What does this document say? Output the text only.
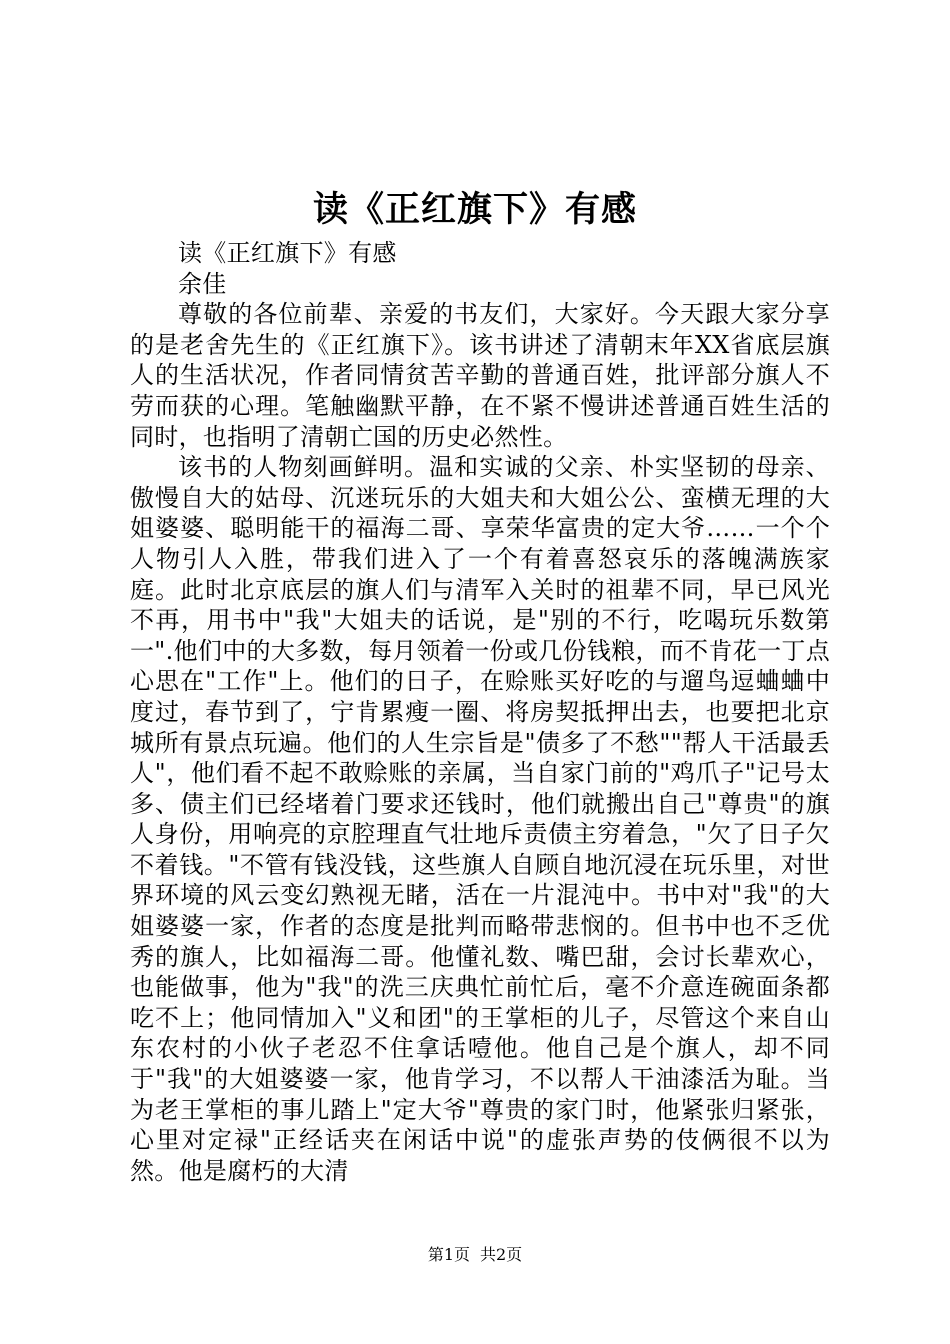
读《正红旗下》有感

读《正红旗下》有感

余佳

尊敬的各位前辈、亲爱的书友们，大家好。今天跟大家分享的是老舍先生的《正红旗下》。该书讲述了清朝末年XX省底层旗人的生活状况，作者同情贫苦辛勤的普通百姓，批评部分旗人不劳而获的心理。笔触幽默平静，在不紧不慢讲述普通百姓生活的同时，也指明了清朝亡国的历史必然性。

该书的人物刻画鲜明。温和实诚的父亲、朴实坚韧的母亲、傲慢自大的姑母、沉迷玩乐的大姐夫和大姐公公、蛮横无理的大姐婆婆、聪明能干的福海二哥、享荣华富贵的定大爷……一个个人物引人入胜，带我们进入了一个有着喜怒哀乐的落魄满族家庭。此时北京底层的旗人们与清军入关时的祖辈不同，早已风光不再，用书中"我"大姐夫的话说，是"别的不行，吃喝玩乐数第一".他们中的大多数，每月领着一份或几份钱粮，而不肯花一丁点心思在"工作"上。他们的日子，在赊账买好吃的与遛鸟逗蛐蛐中度过，春节到了，宁肯累瘦一圈、将房契抵押出去，也要把北京城所有景点玩遍。他们的人生宗旨是"债多了不愁""帮人干活最丢人"，他们看不起不敢赊账的亲属，当自家门前的"鸡爪子"记号太多、债主们已经堵着门要求还钱时，他们就搬出自己"尊贵"的旗人身份，用响亮的京腔理直气壮地斥责债主穷着急，"欠了日子欠不着钱。"不管有钱没钱，这些旗人自顾自地沉浸在玩乐里，对世界环境的风云变幻熟视无睹，活在一片混沌中。书中对"我"的大姐婆婆一家，作者的态度是批判而略带悲悯的。但书中也不乏优秀的旗人，比如福海二哥。他懂礼数、嘴巴甜，会讨长辈欢心，也能做事，他为"我"的洗三庆典忙前忙后，毫不介意连碗面条都吃不上；他同情加入"义和团"的王掌柜的儿子，尽管这个来自山东农村的小伙子老忍不住拿话噎他。他自己是个旗人，却不同于"我"的大姐婆婆一家，他肯学习，不以帮人干油漆活为耻。当为老王掌柜的事儿踏上"定大爷"尊贵的家门时，他紧张归紧张，心里对定禄"正经话夹在闲话中说"的虚张声势的伎俩很不以为然。他是腐朽的大清

第1页 共2页
